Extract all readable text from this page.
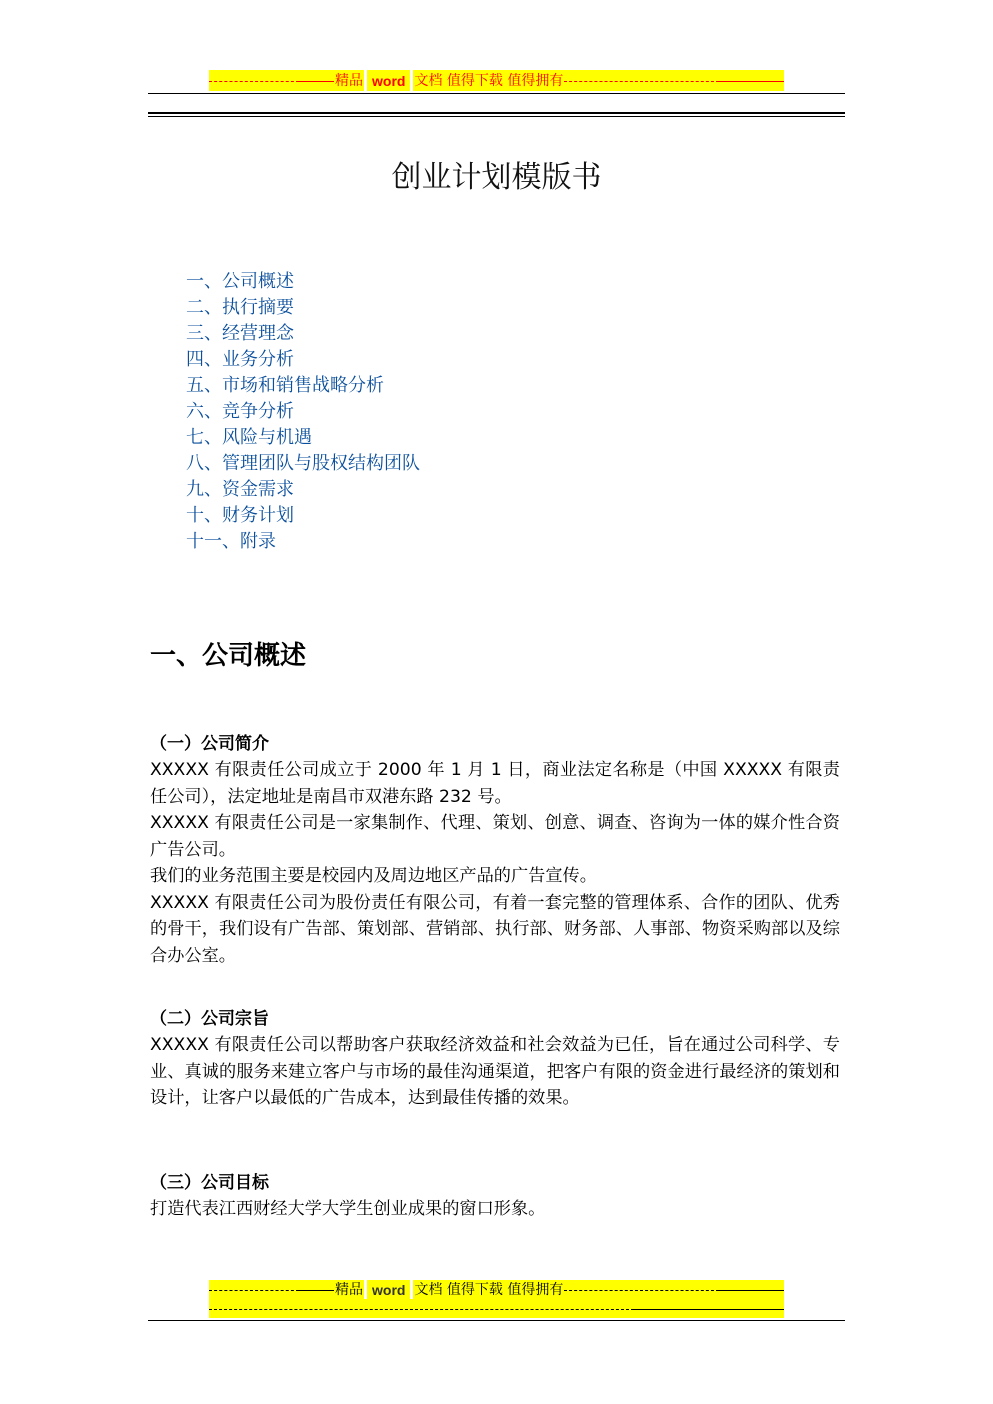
精品 word 文档 值得下载 值得拥有
创业计划模版书
一、公司概述
二、执行摘要
三、经营理念
四、业务分析
五、市场和销售战略分析
六、竞争分析
七、风险与机遇
八、管理团队与股权结构团队
九、资金需求
十、财务计划
十一、附录
一、公司概述
（一）公司简介

XXXXX 有限责任公司成立于 2000 年 1 月 1 日，商业法定名称是（中国 XXXXX 有限责任公司），法定地址是南昌市双港东路 232 号。

XXXXX 有限责任公司是一家集制作、代理、策划、创意、调查、咨询为一体的媒介性合资广告公司。

我们的业务范围主要是校园内及周边地区产品的广告宣传。

XXXXX 有限责任公司为股份责任有限公司，有着一套完整的管理体系、合作的团队、优秀的骨干，我们设有广告部、策划部、营销部、执行部、财务部、人事部、物资采购部以及综合办公室。

（二）公司宗旨

XXXXX 有限责任公司以帮助客户获取经济效益和社会效益为已任，旨在通过公司科学、专业、真诚的服务来建立客户与市场的最佳沟通渠道，把客户有限的资金进行最经济的策划和设计，让客户以最低的广告成本，达到最佳传播的效果。

（三）公司目标

打造代表江西财经大学大学生创业成果的窗口形象。

精品 word 文档 值得下载 值得拥有
